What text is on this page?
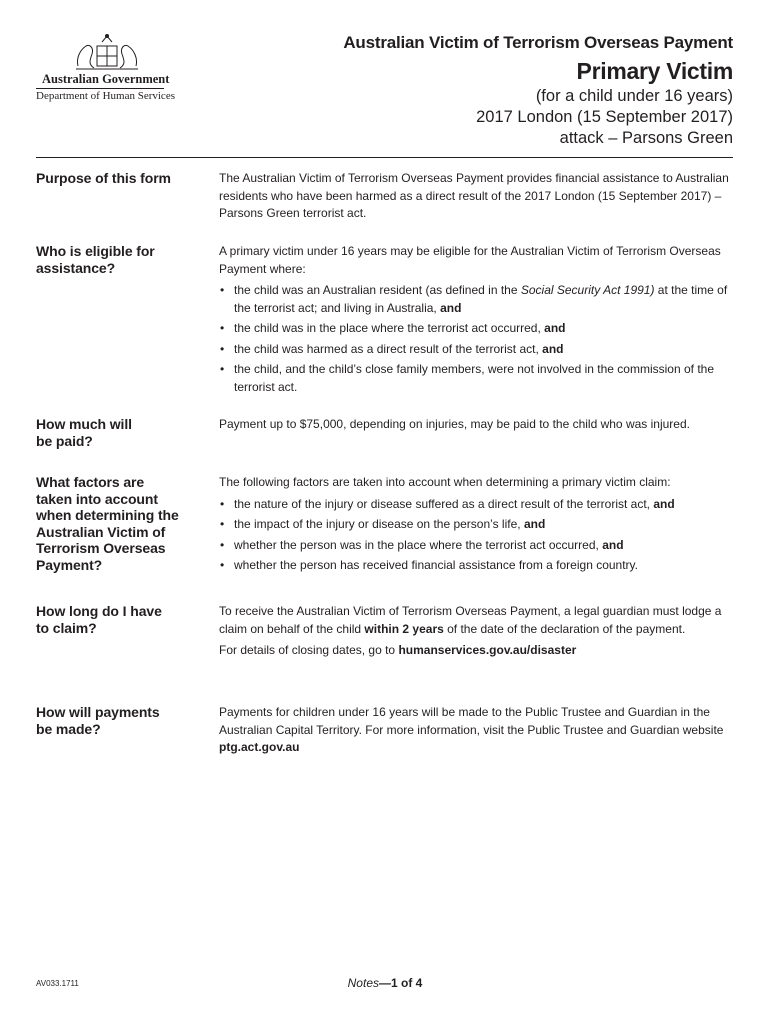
Australian Government
Department of Human Services
Australian Victim of Terrorism Overseas Payment
Primary Victim
(for a child under 16 years)
2017 London (15 September 2017)
attack – Parsons Green
Purpose of this form	The Australian Victim of Terrorism Overseas Payment provides financial assistance to Australian residents who have been harmed as a direct result of the 2017 London (15 September 2017) – Parsons Green terrorist act.

Who is eligible for
assistance?

A primary victim under 16 years may be eligible for the Australian Victim of Terrorism Overseas Payment where:

• the child was an Australian resident (as defined in the Social Security Act 1991) at the time of the terrorist act; and living in Australia, and
• the child was in the place where the terrorist act occurred, and
• the child was harmed as a direct result of the terrorist act, and
• the child, and the child’s close family members, were not involved in the commission of the terrorist act.
How much will
be paid?

Payment up to $75,000, depending on injuries, may be paid to the child who was injured.

What factors are
taken into account
when determining the
Australian Victim of
Terrorism Overseas
Payment?

The following factors are taken into account when determining a primary victim claim:

• the nature of the injury or disease suffered as a direct result of the terrorist act, and
• the impact of the injury or disease on the person’s life, and
• whether the person was in the place where the terrorist act occurred, and
• whether the person has received financial assistance from a foreign country.
How long do I have
to claim?

To receive the Australian Victim of Terrorism Overseas Payment, a legal guardian must lodge a claim on behalf of the child within 2 years of the date of the declaration of the payment.

For details of closing dates, go to humanservices.gov.au/disaster

How will payments
be made?

Payments for children under 16 years will be made to the Public Trustee and Guardian in the Australian Capital Territory. For more information, visit the Public Trustee and Guardian website ptg.act.gov.au

AV033.1711	Notes—1 of 4
